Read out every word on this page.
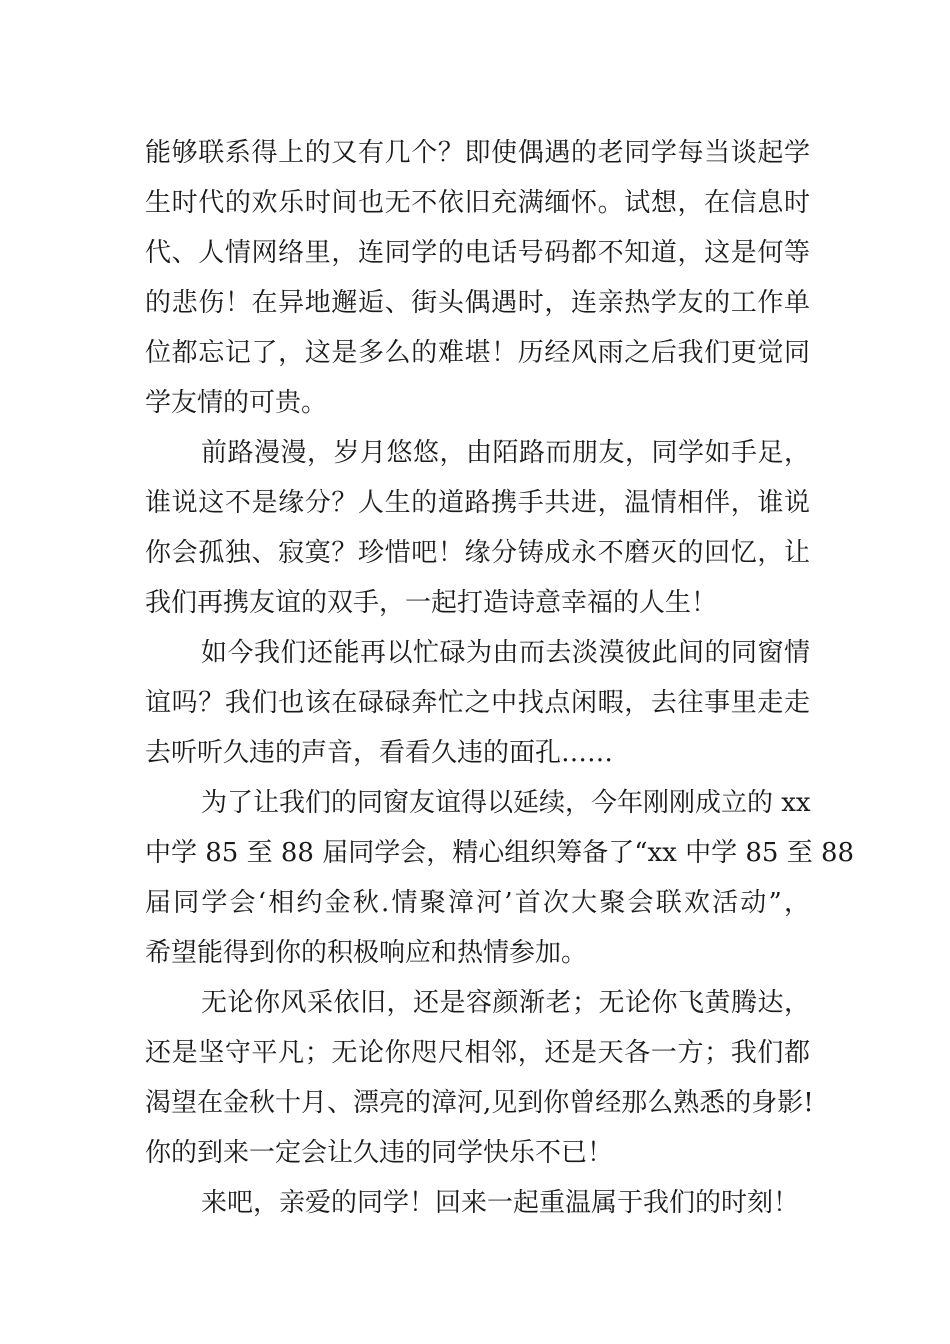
能够联系得上的又有几个？即使偶遇的老同学每当谈起学
生时代的欢乐时间也无不依旧充满缅怀。试想，在信息时
代、人情网络里，连同学的电话号码都不知道，这是何等
的悲伤！在异地邂逅、街头偶遇时，连亲热学友的工作单
位都忘记了，这是多么的难堪！历经风雨之后我们更觉同
学友情的可贵。
前路漫漫，岁月悠悠，由陌路而朋友，同学如手足，
谁说这不是缘分？人生的道路携手共进，温情相伴，谁说
你会孤独、寂寞？珍惜吧！缘分铸成永不磨灭的回忆，让
我们再携友谊的双手，一起打造诗意幸福的人生！
如今我们还能再以忙碌为由而去淡漠彼此间的同窗情
谊吗？我们也该在碌碌奔忙之中找点闲暇，去往事里走走
去听听久违的声音，看看久违的面孔……
为了让我们的同窗友谊得以延续，今年刚刚成立的 xx
中学 85 至 88 届同学会，精心组织筹备了“xx 中学 85 至 88
届同学会‘相约金秋.情聚漳河’首次大聚会联欢活动”，
希望能得到你的积极响应和热情参加。
无论你风采依旧，还是容颜渐老；无论你飞黄腾达，
还是坚守平凡；无论你咫尺相邻，还是天各一方；我们都
渴望在金秋十月、漂亮的漳河,见到你曾经那么熟悉的身影!
你的到来一定会让久违的同学快乐不已！
来吧，亲爱的同学！回来一起重温属于我们的时刻！
